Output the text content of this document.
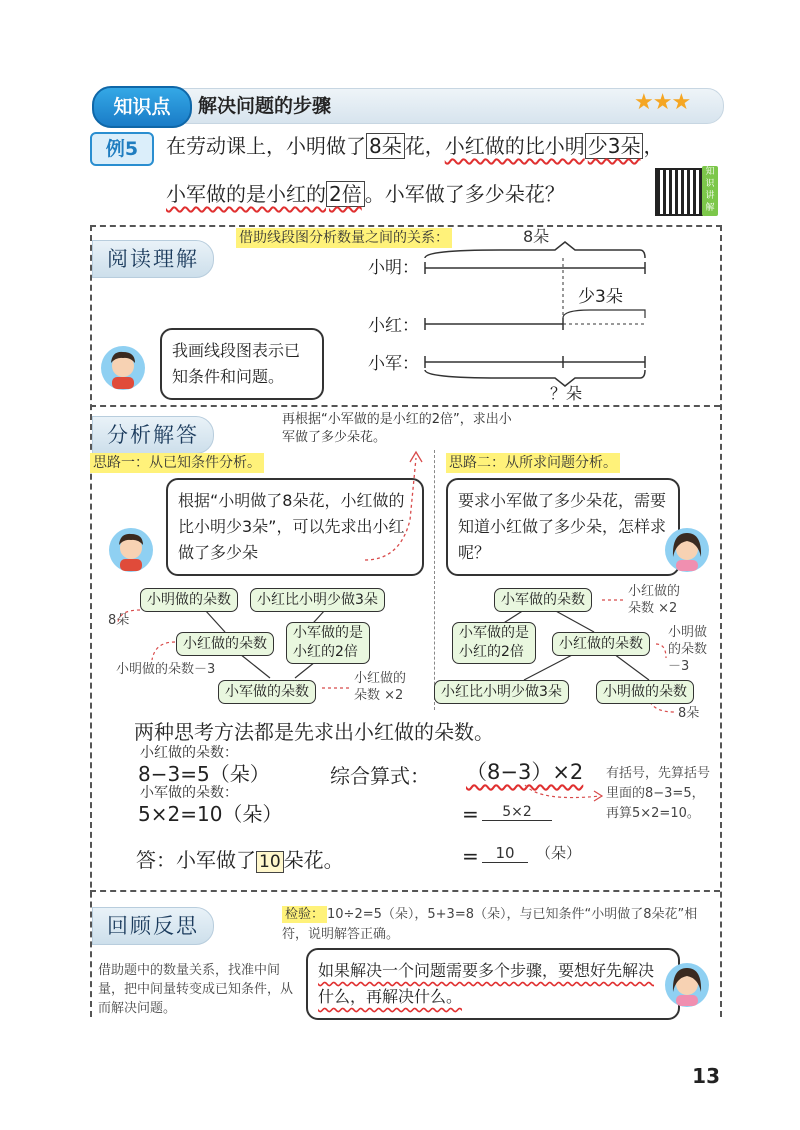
知识点	解决问题的步骤	★★★
例5	在劳动课上，小明做了 8朵 花，小红做的比小明 少3朵 ，
小军做的是小红的 2倍 。小军做了多少朵花？
知识讲解
阅读理解
借助线段图分析数量之间的关系：	8朵
小明：
少3朵
小红：
小军：
？朵
我画线段图表示已知条件和问题。
分析解答
再根据“小军做的是小红的2倍”，求出小军做了多少朵花。
思路一：从已知条件分析。	思路二：从所求问题分析。
根据“小明做了8朵花，小红做的比小明少3朵”，可以先求出小红做了多少朵
要求小军做了多少朵花，需要知道小红做了多少朵，怎样求呢？
小明做的朵数	小红比小明少做3朵
8朵
小红做的朵数
小军做的是
小红的2倍
小明做的朵数－3
小军做的朵数
小红做的
朵数 ×2
小军做的朵数
小红做的
朵数 ×2
小军做的是
小红的2倍	小红做的朵数
小明做
的朵数
－3
小红比小明少做3朵	小明做的朵数
8朵
两种思考方法都是先求出小红做的朵数。
小红做的朵数：
8−3=5（朵）
小军做的朵数：
5×2=10（朵）
答：小军做了 10 朵花。
综合算式： （8−3）×2
=	5×2
=	10	（朵）
有括号，先算括号里面的8−3=5，再算5×2=10。
回顾反思	检验： 10÷2=5（朵），5+3=8（朵），与已知条件“小明做了8朵花”相符，说明解答正确。
借助题中的数量关系，找准中间量，把中间量转变成已知条件，从而解决问题。
如果解决一个问题需要多个步骤，要想好先解决什么，再解决什么。
13
